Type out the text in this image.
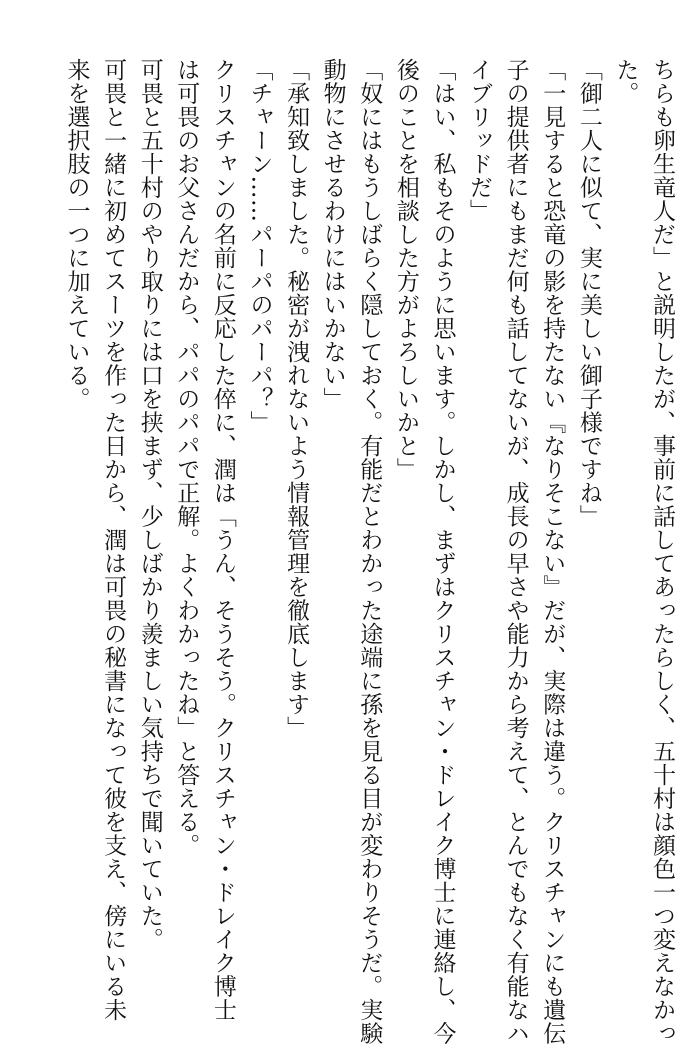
ちらも卵生竜人だ」と説明したが、事前に話してあったらしく、五十村は顔色一つ変えなかっ
た。
「御二人に似て、実に美しい御子様ですね」
「一見すると恐竜の影を持たない『なりそこない』だが、実際は違う。クリスチャンにも遺伝
子の提供者にもまだ何も話してないが、成長の早さや能力から考えて、とんでもなく有能なハ
イブリッドだ」
「はい、私もそのように思います。しかし、まずはクリスチャン・ドレイク博士に連絡し、今
後のことを相談した方がよろしいかと」
「奴にはもうしばらく隠しておく。有能だとわかった途端に孫を見る目が変わりそうだ。実験
動物にさせるわけにはいかない」
「承知致しました。秘密が洩れないよう情報管理を徹底します」
「チャーン……パーパのパーパ？」
クリスチャンの名前に反応した倅に、潤は「うん、そうそう。クリスチャン・ドレイク博士
は可畏のお父さんだから、パパのパパで正解。よくわかったね」と答える。
可畏と五十村のやり取りには口を挟まず、少しばかり羨ましい気持ちで聞いていた。
可畏と一緒に初めてスーツを作った日から、潤は可畏の秘書になって彼を支え、傍にいる未
来を選択肢の一つに加えている。
